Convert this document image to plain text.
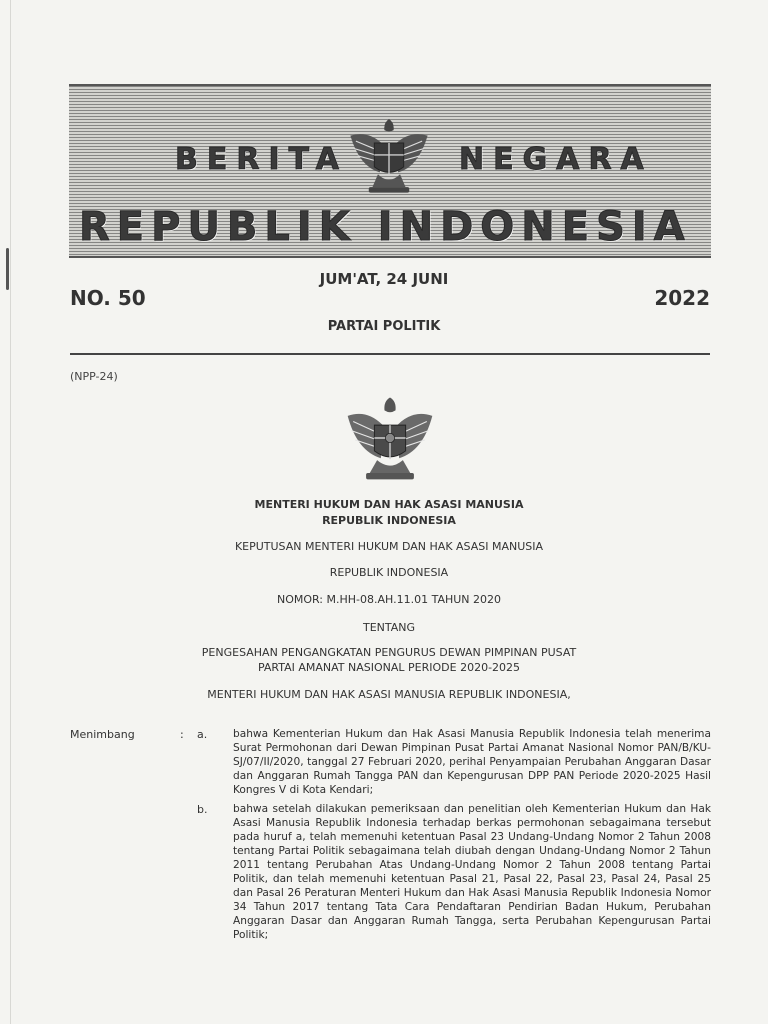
BERITA	NEGARA
REPUBLIK INDONESIA
JUM'AT, 24 JUNI
NO. 50	2022
PARTAI POLITIK
(NPP-24)
MENTERI HUKUM DAN HAK ASASI MANUSIA
REPUBLIK INDONESIA
KEPUTUSAN MENTERI HUKUM DAN HAK ASASI MANUSIA
REPUBLIK INDONESIA
NOMOR: M.HH-08.AH.11.01 TAHUN 2020
TENTANG
PENGESAHAN PENGANGKATAN PENGURUS DEWAN PIMPINAN PUSAT
PARTAI AMANAT NASIONAL PERIODE 2020-2025
MENTERI HUKUM DAN HAK ASASI MANUSIA REPUBLIK INDONESIA,
Menimbang	: a. bahwa Kementerian Hukum dan Hak Asasi Manusia Republik Indonesia telah menerima Surat Permohonan dari Dewan Pimpinan Pusat Partai Amanat Nasional Nomor PAN/B/KU-SJ/07/II/2020, tanggal 27 Februari 2020, perihal Penyampaian Perubahan Anggaran Dasar dan Anggaran Rumah Tangga PAN dan Kepengurusan DPP PAN Periode 2020-2025 Hasil Kongres V di Kota Kendari;
b. bahwa setelah dilakukan pemeriksaan dan penelitian oleh Kementerian Hukum dan Hak Asasi Manusia Republik Indonesia terhadap berkas permohonan sebagaimana tersebut pada huruf a, telah memenuhi ketentuan Pasal 23 Undang-Undang Nomor 2 Tahun 2008 tentang Partai Politik sebagaimana telah diubah dengan Undang-Undang Nomor 2 Tahun 2011 tentang Perubahan Atas Undang-Undang Nomor 2 Tahun 2008 tentang Partai Politik, dan telah memenuhi ketentuan Pasal 21, Pasal 22, Pasal 23, Pasal 24, Pasal 25 dan Pasal 26 Peraturan Menteri Hukum dan Hak Asasi Manusia Republik Indonesia Nomor 34 Tahun 2017 tentang Tata Cara Pendaftaran Pendirian Badan Hukum, Perubahan Anggaran Dasar dan Anggaran Rumah Tangga, serta Perubahan Kepengurusan Partai Politik;
